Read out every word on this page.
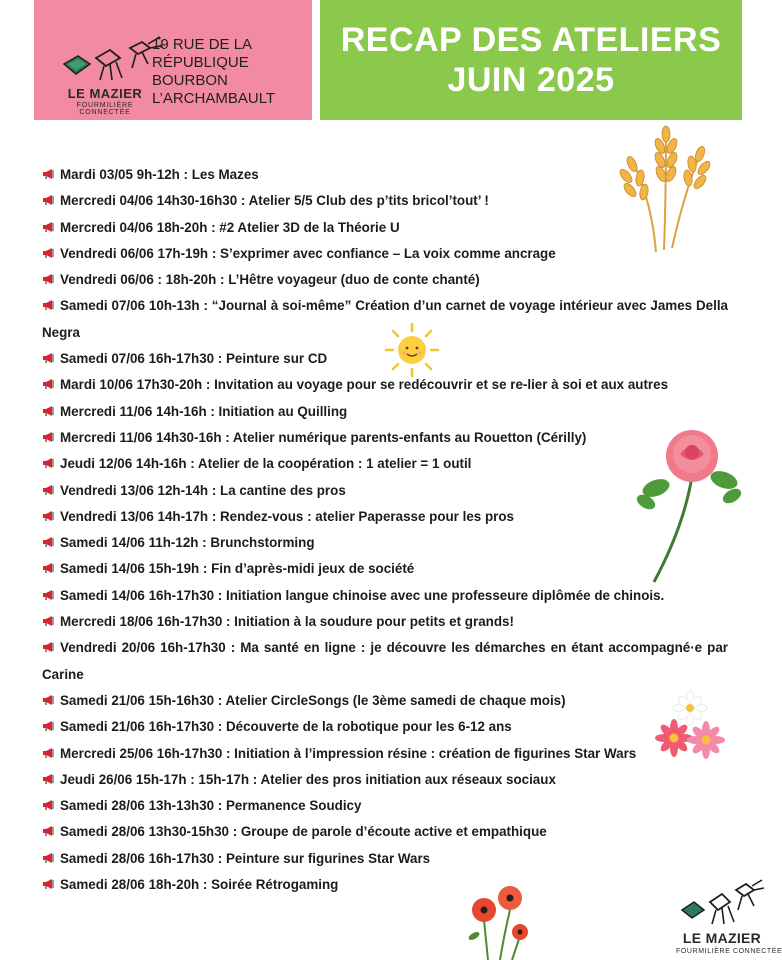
LE MAZIER
FOURMILIÈRE CONNECTÉE
19 RUE DE LA
RÉPUBLIQUE
BOURBON
L’ARCHAMBAULT
RECAP DES ATELIERS
JUIN 2025
Mardi 03/05 9h-12h : Les Mazes
Mercredi 04/06 14h30-16h30 : Atelier 5/5 Club des p’tits bricol’tout’ !
Mercredi 04/06 18h-20h : #2 Atelier 3D de la Théorie U
Vendredi 06/06 17h-19h : S’exprimer avec confiance – La voix comme ancrage
Vendredi 06/06 : 18h-20h : L’Hêtre voyageur (duo de conte chanté)
Samedi 07/06 10h-13h : “Journal à soi-même” Création d’un carnet de voyage intérieur avec James Della Negra
Samedi 07/06 16h-17h30 : Peinture sur CD
Mardi 10/06 17h30-20h : Invitation au voyage pour se redécouvrir et se re-lier à soi et aux autres
Mercredi 11/06 14h-16h : Initiation au Quilling
Mercredi 11/06 14h30-16h : Atelier numérique parents-enfants au Rouetton (Cérilly)
Jeudi 12/06 14h-16h : Atelier de la coopération : 1 atelier = 1 outil
Vendredi 13/06 12h-14h : La cantine des pros
Vendredi 13/06 14h-17h : Rendez-vous : atelier Paperasse pour les pros
Samedi 14/06 11h-12h : Brunchstorming
Samedi 14/06 15h-19h : Fin d’après-midi jeux de société
Samedi 14/06 16h-17h30 : Initiation langue chinoise avec une professeure diplômée de chinois.
Mercredi 18/06 16h-17h30 : Initiation à la soudure pour petits et grands!
Vendredi 20/06 16h-17h30 : Ma santé en ligne : je découvre les démarches en étant accompagné·e par Carine
Samedi 21/06 15h-16h30 : Atelier CircleSongs (le 3ème samedi de chaque mois)
Samedi 21/06 16h-17h30 : Découverte de la robotique pour les 6-12 ans
Mercredi 25/06 16h-17h30 : Initiation à l’impression résine : création de figurines Star Wars
Jeudi 26/06 15h-17h : 15h-17h : Atelier des pros initiation aux réseaux sociaux
Samedi 28/06 13h-13h30 : Permanence Soudicy
Samedi 28/06 13h30-15h30 : Groupe de parole d’écoute active et empathique
Samedi 28/06 16h-17h30 : Peinture sur figurines Star Wars
Samedi 28/06 18h-20h : Soirée Rétrogaming
LE MAZIER
FOURMILIÈRE CONNECTÉE
